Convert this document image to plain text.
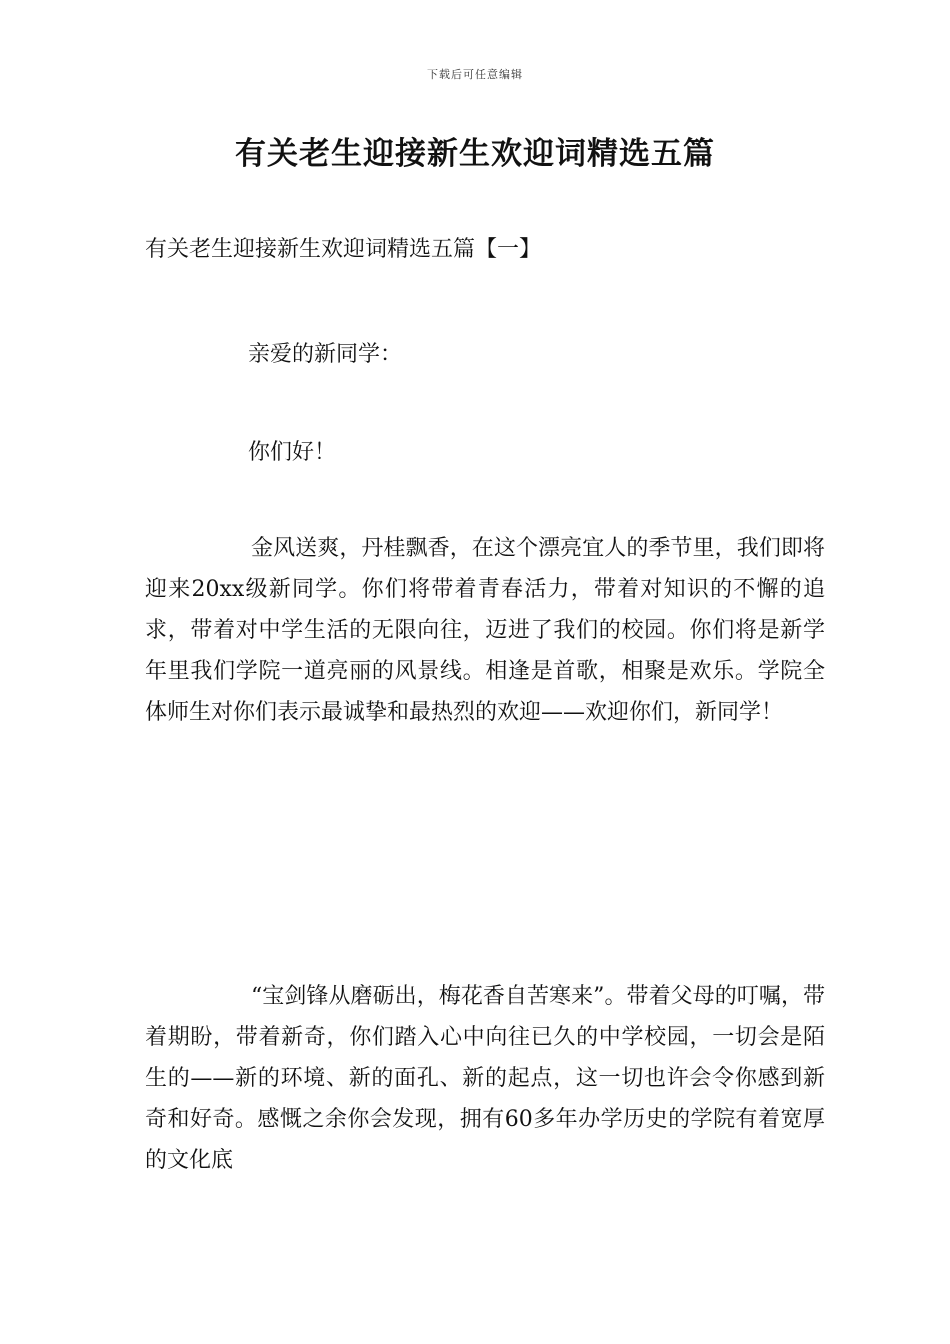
下载后可任意编辑
有关老生迎接新生欢迎词精选五篇
有关老生迎接新生欢迎词精选五篇【一】
亲爱的新同学：
你们好！

金风送爽，丹桂飘香，在这个漂亮宜人的季节里，我们即将迎来20xx级新同学。你们将带着青春活力，带着对知识的不懈的追求，带着对中学生活的无限向往，迈进了我们的校园。你们将是新学年里我们学院一道亮丽的风景线。相逢是首歌，相聚是欢乐。学院全体师生对你们表示最诚挚和最热烈的欢迎——欢迎你们，新同学！

“宝剑锋从磨砺出，梅花香自苦寒来”。带着父母的叮嘱，带着期盼，带着新奇，你们踏入心中向往已久的中学校园，一切会是陌生的——新的环境、新的面孔、新的起点，这一切也许会令你感到新奇和好奇。感慨之余你会发现，拥有60多年办学历史的学院有着宽厚的文化底
